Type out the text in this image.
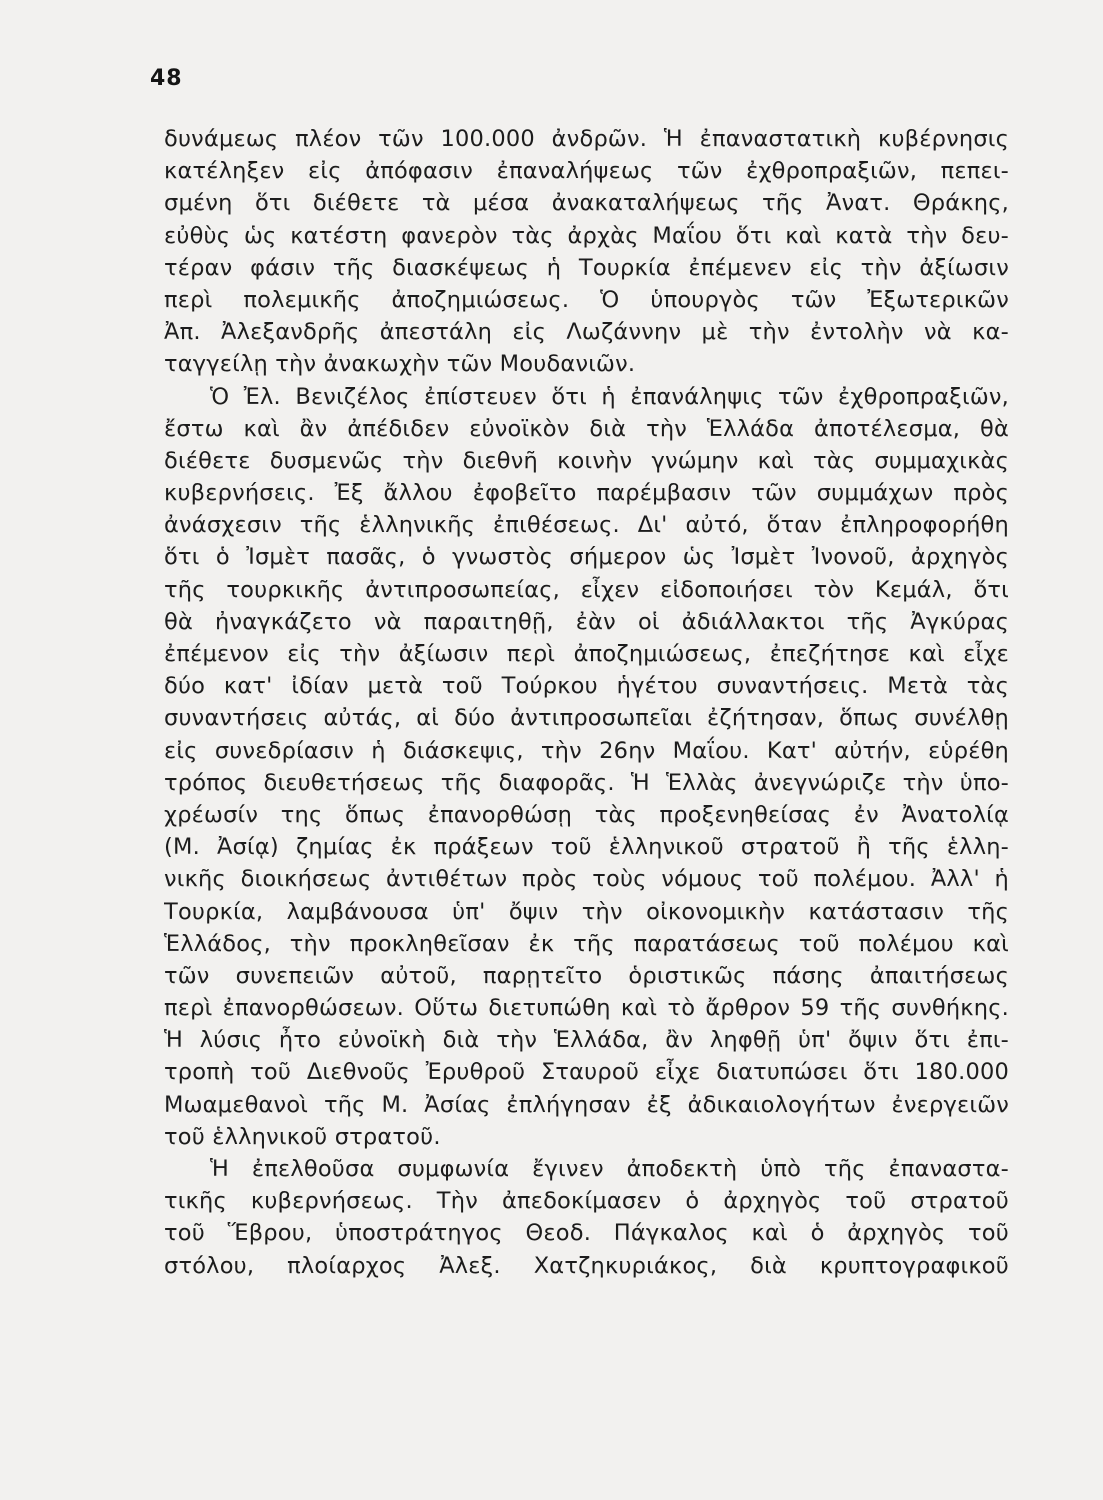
48
δυνάμεως πλέον τῶν 100.000 ἀνδρῶν. Ἡ ἐπαναστατικὴ κυβέρνησις
κατέληξεν εἰς ἀπόφασιν ἐπαναλήψεως τῶν ἐχθροπραξιῶν, πεπει-
σμένη ὅτι διέθετε τὰ μέσα ἀνακαταλήψεως τῆς Ἀνατ. Θράκης,
εὐθὺς ὡς κατέστη φανερὸν τὰς ἀρχὰς Μαΐου ὅτι καὶ κατὰ τὴν δευ-
τέραν φάσιν τῆς διασκέψεως ἡ Τουρκία ἐπέμενεν εἰς τὴν ἀξίωσιν
περὶ πολεμικῆς ἀποζημιώσεως. Ὁ ὑπουργὸς τῶν Ἐξωτερικῶν
Ἀπ. Ἀλεξανδρῆς ἀπεστάλη εἰς Λωζάννην μὲ τὴν ἐντολὴν νὰ κα-
ταγγείλῃ τὴν ἀνακωχὴν τῶν Μουδανιῶν.
Ὁ Ἐλ. Βενιζέλος ἐπίστευεν ὅτι ἡ ἐπανάληψις τῶν ἐχθροπραξιῶν,
ἔστω καὶ ἂν ἀπέδιδεν εὐνοϊκὸν διὰ τὴν Ἑλλάδα ἀποτέλεσμα, θὰ
διέθετε δυσμενῶς τὴν διεθνῆ κοινὴν γνώμην καὶ τὰς συμμαχικὰς
κυβερνήσεις. Ἐξ ἄλλου ἐφοβεῖτο παρέμβασιν τῶν συμμάχων πρὸς
ἀνάσχεσιν τῆς ἑλληνικῆς ἐπιθέσεως. Δι' αὐτό, ὅταν ἐπληροφορήθη
ὅτι ὁ Ἰσμὲτ πασᾶς, ὁ γνωστὸς σήμερον ὡς Ἰσμὲτ Ἰνονοῦ, ἀρχηγὸς
τῆς τουρκικῆς ἀντιπροσωπείας, εἶχεν εἰδοποιήσει τὸν Κεμάλ, ὅτι
θὰ ἠναγκάζετο νὰ παραιτηθῇ, ἐὰν οἱ ἀδιάλλακτοι τῆς Ἀγκύρας
ἐπέμενον εἰς τὴν ἀξίωσιν περὶ ἀποζημιώσεως, ἐπεζήτησε καὶ εἶχε
δύο κατ' ἰδίαν μετὰ τοῦ Τούρκου ἡγέτου συναντήσεις. Μετὰ τὰς
συναντήσεις αὐτάς, αἱ δύο ἀντιπροσωπεῖαι ἐζήτησαν, ὅπως συνέλθῃ
εἰς συνεδρίασιν ἡ διάσκεψις, τὴν 26ην Μαΐου. Κατ' αὐτήν, εὑρέθη
τρόπος διευθετήσεως τῆς διαφορᾶς. Ἡ Ἑλλὰς ἀνεγνώριζε τὴν ὑπο-
χρέωσίν της ὅπως ἐπανορθώσῃ τὰς προξενηθείσας ἐν Ἀνατολίᾳ
(Μ. Ἀσίᾳ) ζημίας ἐκ πράξεων τοῦ ἑλληνικοῦ στρατοῦ ἢ τῆς ἑλλη-
νικῆς διοικήσεως ἀντιθέτων πρὸς τοὺς νόμους τοῦ πολέμου. Ἀλλ' ἡ
Τουρκία, λαμβάνουσα ὑπ' ὄψιν τὴν οἰκονομικὴν κατάστασιν τῆς
Ἑλλάδος, τὴν προκληθεῖσαν ἐκ τῆς παρατάσεως τοῦ πολέμου καὶ
τῶν συνεπειῶν αὐτοῦ, παρῃτεῖτο ὁριστικῶς πάσης ἀπαιτήσεως
περὶ ἐπανορθώσεων. Οὕτω διετυπώθη καὶ τὸ ἄρθρον 59 τῆς συνθήκης.
Ἡ λύσις ἦτο εὐνοϊκὴ διὰ τὴν Ἑλλάδα, ἂν ληφθῇ ὑπ' ὄψιν ὅτι ἐπι-
τροπὴ τοῦ Διεθνοῦς Ἐρυθροῦ Σταυροῦ εἶχε διατυπώσει ὅτι 180.000
Μωαμεθανοὶ τῆς Μ. Ἀσίας ἐπλήγησαν ἐξ ἀδικαιολογήτων ἐνεργειῶν
τοῦ ἑλληνικοῦ στρατοῦ.
Ἡ ἐπελθοῦσα συμφωνία ἔγινεν ἀποδεκτὴ ὑπὸ τῆς ἐπαναστα-
τικῆς κυβερνήσεως. Τὴν ἀπεδοκίμασεν ὁ ἀρχηγὸς τοῦ στρατοῦ
τοῦ Ἕβρου, ὑποστράτηγος Θεοδ. Πάγκαλος καὶ ὁ ἀρχηγὸς τοῦ
στόλου, πλοίαρχος Ἀλεξ. Χατζηκυριάκος, διὰ κρυπτογραφικοῦ
